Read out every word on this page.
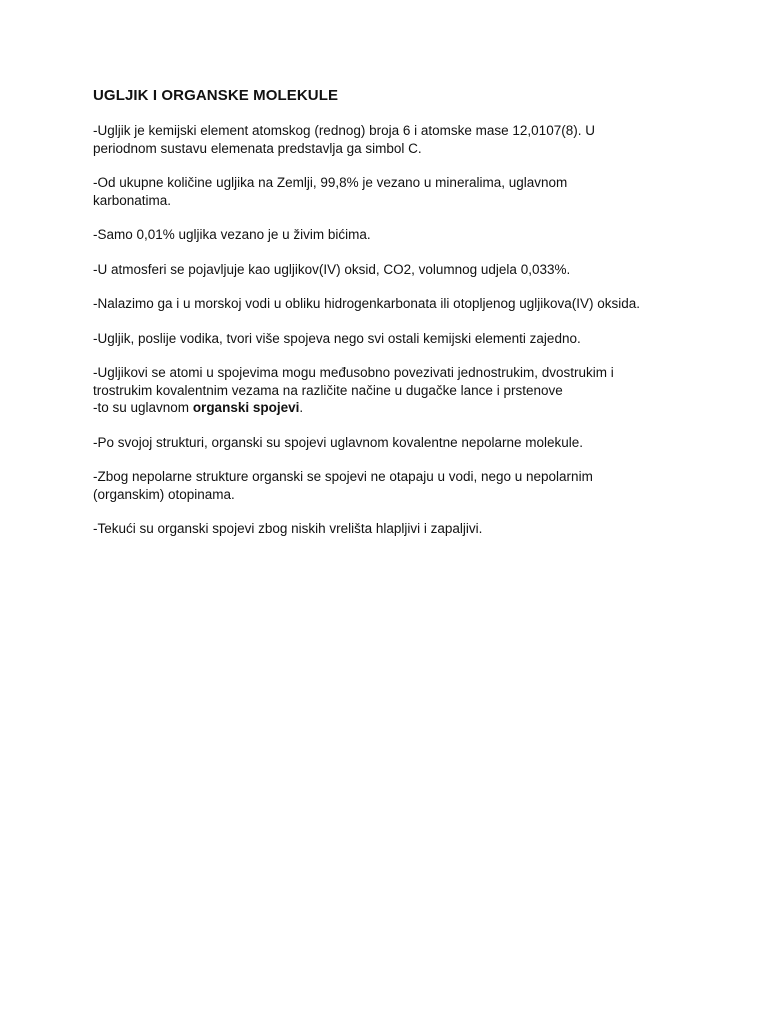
UGLJIK I ORGANSKE MOLEKULE

-Ugljik je kemijski element atomskog (rednog) broja 6 i atomske mase 12,0107(8). U
periodnom sustavu elemenata predstavlja ga simbol C.

-Od ukupne količine ugljika na Zemlji, 99,8% je vezano u mineralima, uglavnom
karbonatima.

-Samo 0,01% ugljika vezano je u živim bićima.

-U atmosferi se pojavljuje kao ugljikov(IV) oksid, CO2, volumnog udjela 0,033%.

-Nalazimo ga i u morskoj vodi u obliku hidrogenkarbonata ili otopljenog ugljikova(IV) oksida.

-Ugljik, poslije vodika, tvori više spojeva nego svi ostali kemijski elementi zajedno.

-Ugljikovi se atomi u spojevima mogu međusobno povezivati jednostrukim, dvostrukim i
trostrukim kovalentnim vezama na različite načine u dugačke lance i prstenove
-to su uglavnom organski spojevi.

-Po svojoj strukturi, organski su spojevi uglavnom kovalentne nepolarne molekule.

-Zbog nepolarne strukture organski se spojevi ne otapaju u vodi, nego u nepolarnim
(organskim) otopinama.

-Tekući su organski spojevi zbog niskih vrelišta hlapljivi i zapaljivi.
